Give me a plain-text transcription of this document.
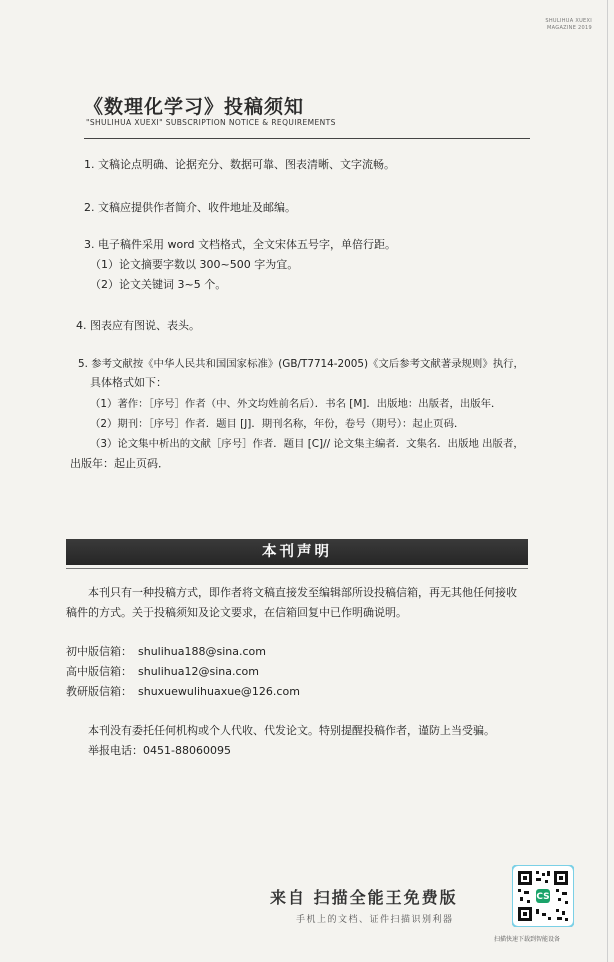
SHULIHUA XUEXI
MAGAZINE 2019
《数理化学习》投稿须知
"SHULIHUA XUEXI" SUBSCRIPTION NOTICE & REQUIREMENTS
1. 文稿论点明确、论据充分、数据可靠、图表清晰、文字流畅。
2. 文稿应提供作者简介、收件地址及邮编。
3. 电子稿件采用 word 文档格式，全文宋体五号字，单倍行距。
（1）论文摘要字数以 300~500 字为宜。
（2）论文关键词 3~5 个。
4. 图表应有图说、表头。
5. 参考文献按《中华人民共和国国家标准》(GB/T7714-2005)《文后参考文献著录规则》执行，
具体格式如下：
（1）著作：［序号］作者（中、外文均姓前名后）．书名 [M]．出版地：出版者，出版年．
（2）期刊：［序号］作者．题目 [J]．期刊名称，年份，卷号（期号）：起止页码．
（3）论文集中析出的文献［序号］作者．题目 [C]// 论文集主编者．文集名．出版地 出版者，
出版年：起止页码．
本刊声明
本刊只有一种投稿方式，即作者将文稿直接发至编辑部所设投稿信箱，再无其他任何接收
稿件的方式。关于投稿须知及论文要求，在信箱回复中已作明确说明。
初中版信箱： shulihua188@sina.com
高中版信箱： shulihua12@sina.com
教研版信箱： shuxuewulihuaxue@126.com
本刊没有委托任何机构或个人代收、代发论文。特别提醒投稿作者，谨防上当受骗。
举报电话：0451-88060095
来自 扫描全能王免费版
手机上的文档、证件扫描识别利器
CS
扫描快速下载到智能设备
